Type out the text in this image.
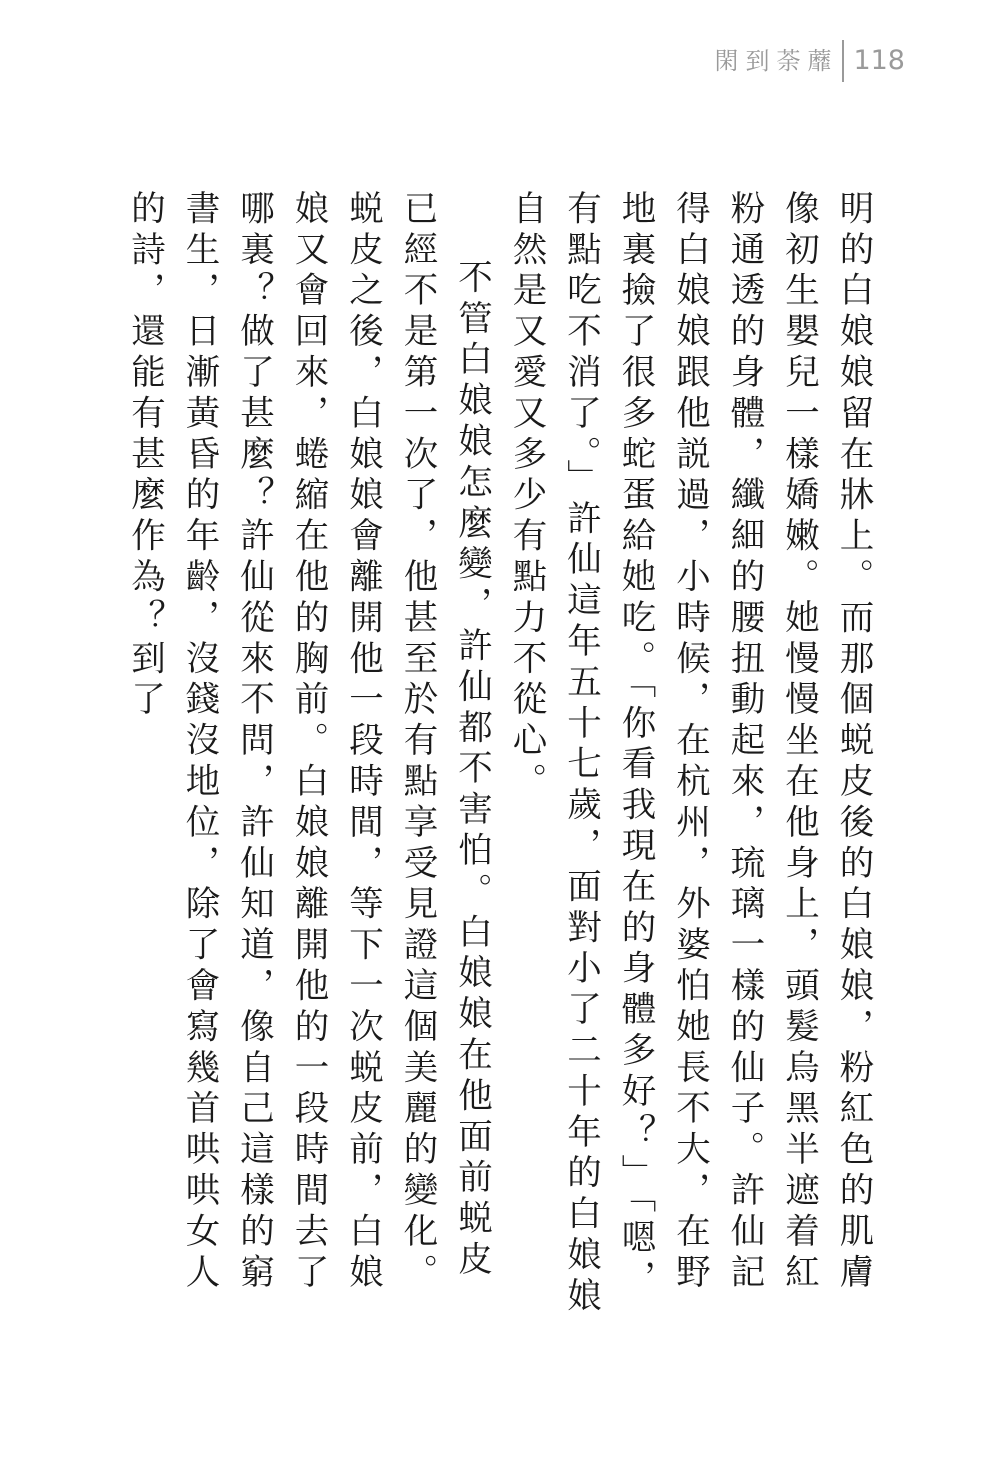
閑到荼蘼 118

明的白娘娘留在牀上。而那個蜕皮後的白娘娘，粉紅色的肌膚像初生嬰兒一樣嬌嫩。她慢慢坐在他身上，頭髮烏黑半遮着紅粉通透的身體，纖細的腰扭動起來，琉璃一樣的仙子。許仙記得白娘娘跟他説過，小時候，在杭州，外婆怕她長不大，在野地裏撿了很多蛇蛋給她吃。「你看我現在的身體多好？」「嗯，有點吃不消了。」許仙這年五十七歲，面對小了二十年的白娘娘自然是又愛又多少有點力不從心。

不管白娘娘怎麼變，許仙都不害怕。白娘娘在他面前蜕皮已經不是第一次了，他甚至於有點享受見證這個美麗的變化。蜕皮之後，白娘娘會離開他一段時間，等下一次蜕皮前，白娘娘又會回來，蜷縮在他的胸前。白娘娘離開他的一段時間去了哪裏？做了甚麼？許仙從來不問，許仙知道，像自己這樣的窮書生，日漸黃昏的年齡，沒錢沒地位，除了會寫幾首哄哄女人的詩，還能有甚麼作為？到了
